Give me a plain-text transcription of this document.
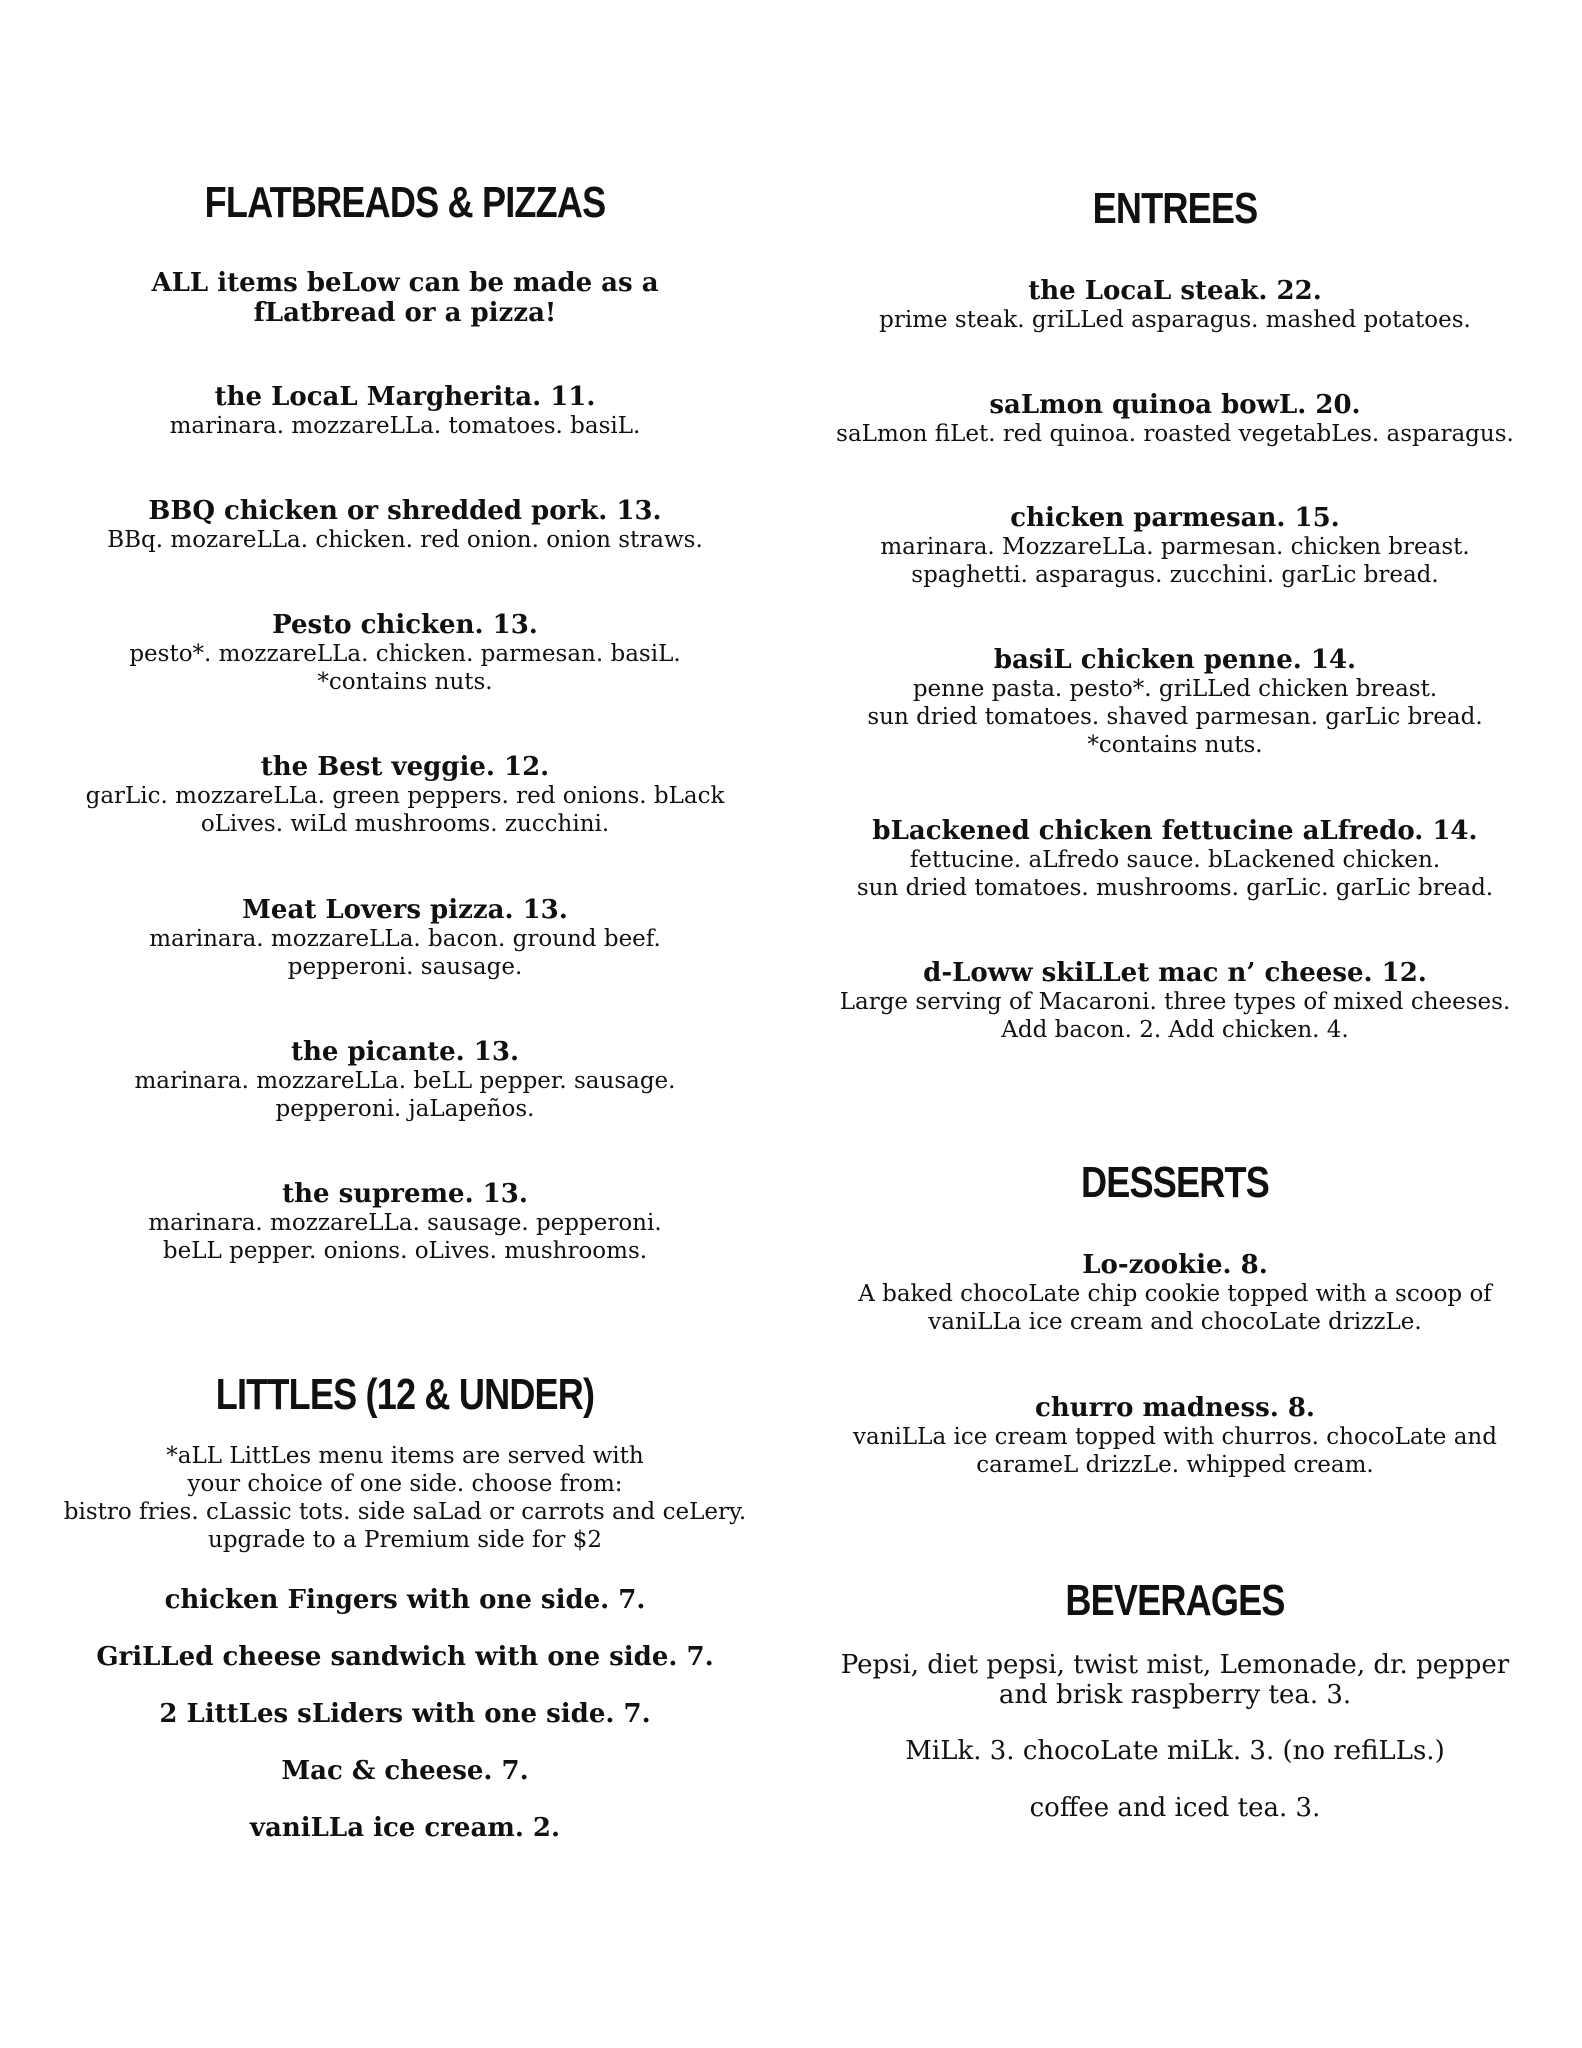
FLATBREADS & PIZZAS
ALL items beLow can be made as a
fLatbread or a pizza!
the LocaL Margherita. 11.
marinara. mozzareLLa. tomatoes. basiL.
BBQ chicken or shredded pork. 13.
BBq. mozareLLa. chicken. red onion. onion straws.
Pesto chicken. 13.
pesto*. mozzareLLa. chicken. parmesan. basiL.
*contains nuts.
the Best veggie. 12.
garLic. mozzareLLa. green peppers. red onions. bLack
oLives. wiLd mushrooms. zucchini.
Meat Lovers pizza. 13.
marinara. mozzareLLa. bacon. ground beef.
pepperoni. sausage.
the picante. 13.
marinara. mozzareLLa. beLL pepper. sausage.
pepperoni. jaLapeños.
the supreme. 13.
marinara. mozzareLLa. sausage. pepperoni.
beLL pepper. onions. oLives. mushrooms.
LITTLES (12 & UNDER)
*aLL LittLes menu items are served with
your choice of one side. choose from:
bistro fries. cLassic tots. side saLad or carrots and ceLery.
upgrade to a Premium side for $2
chicken Fingers with one side. 7.
GriLLed cheese sandwich with one side. 7.
2 LittLes sLiders with one side. 7.
Mac & cheese. 7.
vaniLLa ice cream. 2.
ENTREES
the LocaL steak. 22.
prime steak. griLLed asparagus. mashed potatoes.
saLmon quinoa bowL. 20.
saLmon fiLet. red quinoa. roasted vegetabLes. asparagus.
chicken parmesan. 15.
marinara. MozzareLLa. parmesan. chicken breast.
spaghetti. asparagus. zucchini. garLic bread.
basiL chicken penne. 14.
penne pasta. pesto*. griLLed chicken breast.
sun dried tomatoes. shaved parmesan. garLic bread.
*contains nuts.
bLackened chicken fettucine aLfredo. 14.
fettucine. aLfredo sauce. bLackened chicken.
sun dried tomatoes. mushrooms. garLic. garLic bread.
d-Loww skiLLet mac n’ cheese. 12.
Large serving of Macaroni. three types of mixed cheeses.
Add bacon. 2. Add chicken. 4.
DESSERTS
Lo-zookie. 8.
A baked chocoLate chip cookie topped with a scoop of
vaniLLa ice cream and chocoLate drizzLe.
churro madness. 8.
vaniLLa ice cream topped with churros. chocoLate and
carameL drizzLe. whipped cream.
BEVERAGES
Pepsi, diet pepsi, twist mist, Lemonade, dr. pepper
and brisk raspberry tea. 3.
MiLk. 3. chocoLate miLk. 3. (no refiLLs.)
coffee and iced tea. 3.
